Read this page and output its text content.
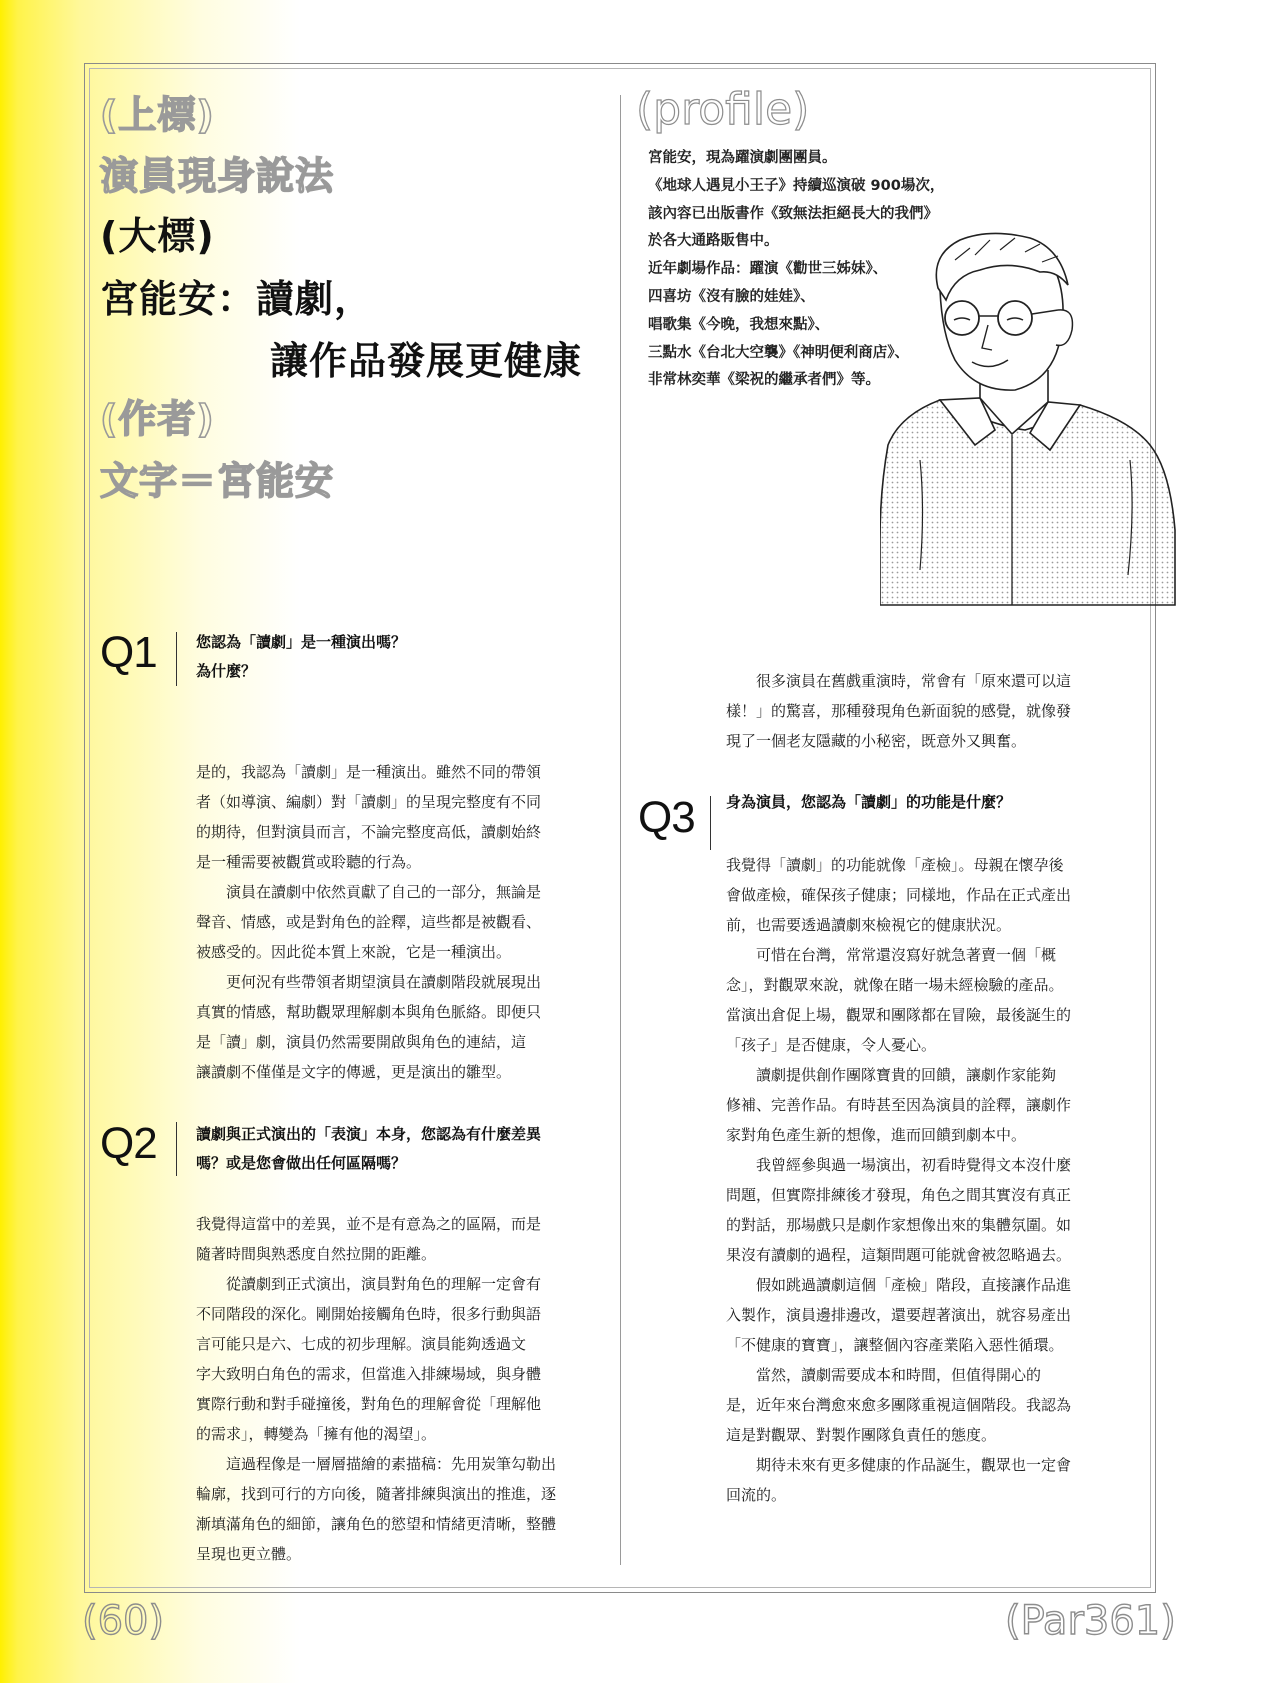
(上標)
演員現身說法
(大標)
宮能安：讀劇，
讓作品發展更健康
(作者)
文字＝宮能安
(profile)

宮能安，現為躍演劇團團員。

《地球人遇見小王子》持續巡演破 900場次，

該內容已出版書作《致無法拒絕長大的我們》

於各大通路販售中。

近年劇場作品：躍演《勸世三姊妹》、

四喜坊《沒有臉的娃娃》、

唱歌集《今晚，我想來點》、

三點水《台北大空襲》《神明便利商店》、

非常林奕華《梁祝的繼承者們》等。

Q1	您認為「讀劇」是一種演出嗎？
為什麼？

是的，我認為「讀劇」是一種演出。雖然不同的帶領

者（如導演、編劇）對「讀劇」的呈現完整度有不同

的期待，但對演員而言，不論完整度高低，讀劇始終

是一種需要被觀賞或聆聽的行為。

　　演員在讀劇中依然貢獻了自己的一部分，無論是

聲音、情感，或是對角色的詮釋，這些都是被觀看、

被感受的。因此從本質上來說，它是一種演出。

　　更何況有些帶領者期望演員在讀劇階段就展現出

真實的情感，幫助觀眾理解劇本與角色脈絡。即便只

是「讀」劇，演員仍然需要開啟與角色的連結，這

讓讀劇不僅僅是文字的傳遞，更是演出的雛型。

Q2	讀劇與正式演出的「表演」本身，您認為有什麼差異
嗎？或是您會做出任何區隔嗎？

我覺得這當中的差異，並不是有意為之的區隔，而是

隨著時間與熟悉度自然拉開的距離。

　　從讀劇到正式演出，演員對角色的理解一定會有

不同階段的深化。剛開始接觸角色時，很多行動與語

言可能只是六、七成的初步理解。演員能夠透過文

字大致明白角色的需求，但當進入排練場域，與身體

實際行動和對手碰撞後，對角色的理解會從「理解他

的需求」，轉變為「擁有他的渴望」。

　　這過程像是一層層描繪的素描稿：先用炭筆勾勒出

輪廓，找到可行的方向後，隨著排練與演出的推進，逐

漸填滿角色的細節，讓角色的慾望和情緒更清晰，整體

呈現也更立體。

　　很多演員在舊戲重演時，常會有「原來還可以這

樣！」的驚喜，那種發現角色新面貌的感覺，就像發

現了一個老友隱藏的小秘密，既意外又興奮。

Q3 身為演員，您認為「讀劇」的功能是什麼？

我覺得「讀劇」的功能就像「產檢」。母親在懷孕後

會做產檢，確保孩子健康；同樣地，作品在正式產出

前，也需要透過讀劇來檢視它的健康狀況。

　　可惜在台灣，常常還沒寫好就急著賣一個「概

念」，對觀眾來說，就像在賭一場未經檢驗的產品。

當演出倉促上場，觀眾和團隊都在冒險，最後誕生的

「孩子」是否健康，令人憂心。

　　讀劇提供創作團隊寶貴的回饋，讓劇作家能夠

修補、完善作品。有時甚至因為演員的詮釋，讓劇作

家對角色產生新的想像，進而回饋到劇本中。

　　我曾經參與過一場演出，初看時覺得文本沒什麼

問題，但實際排練後才發現，角色之間其實沒有真正

的對話，那場戲只是劇作家想像出來的集體氛圍。如

果沒有讀劇的過程，這類問題可能就會被忽略過去。

　　假如跳過讀劇這個「產檢」階段，直接讓作品進

入製作，演員邊排邊改，還要趕著演出，就容易產出

「不健康的寶寶」，讓整個內容產業陷入惡性循環。

　　當然，讀劇需要成本和時間，但值得開心的

是，近年來台灣愈來愈多團隊重視這個階段。我認為

這是對觀眾、對製作團隊負責任的態度。

　　期待未來有更多健康的作品誕生，觀眾也一定會

回流的。

(60)	(Par361)
